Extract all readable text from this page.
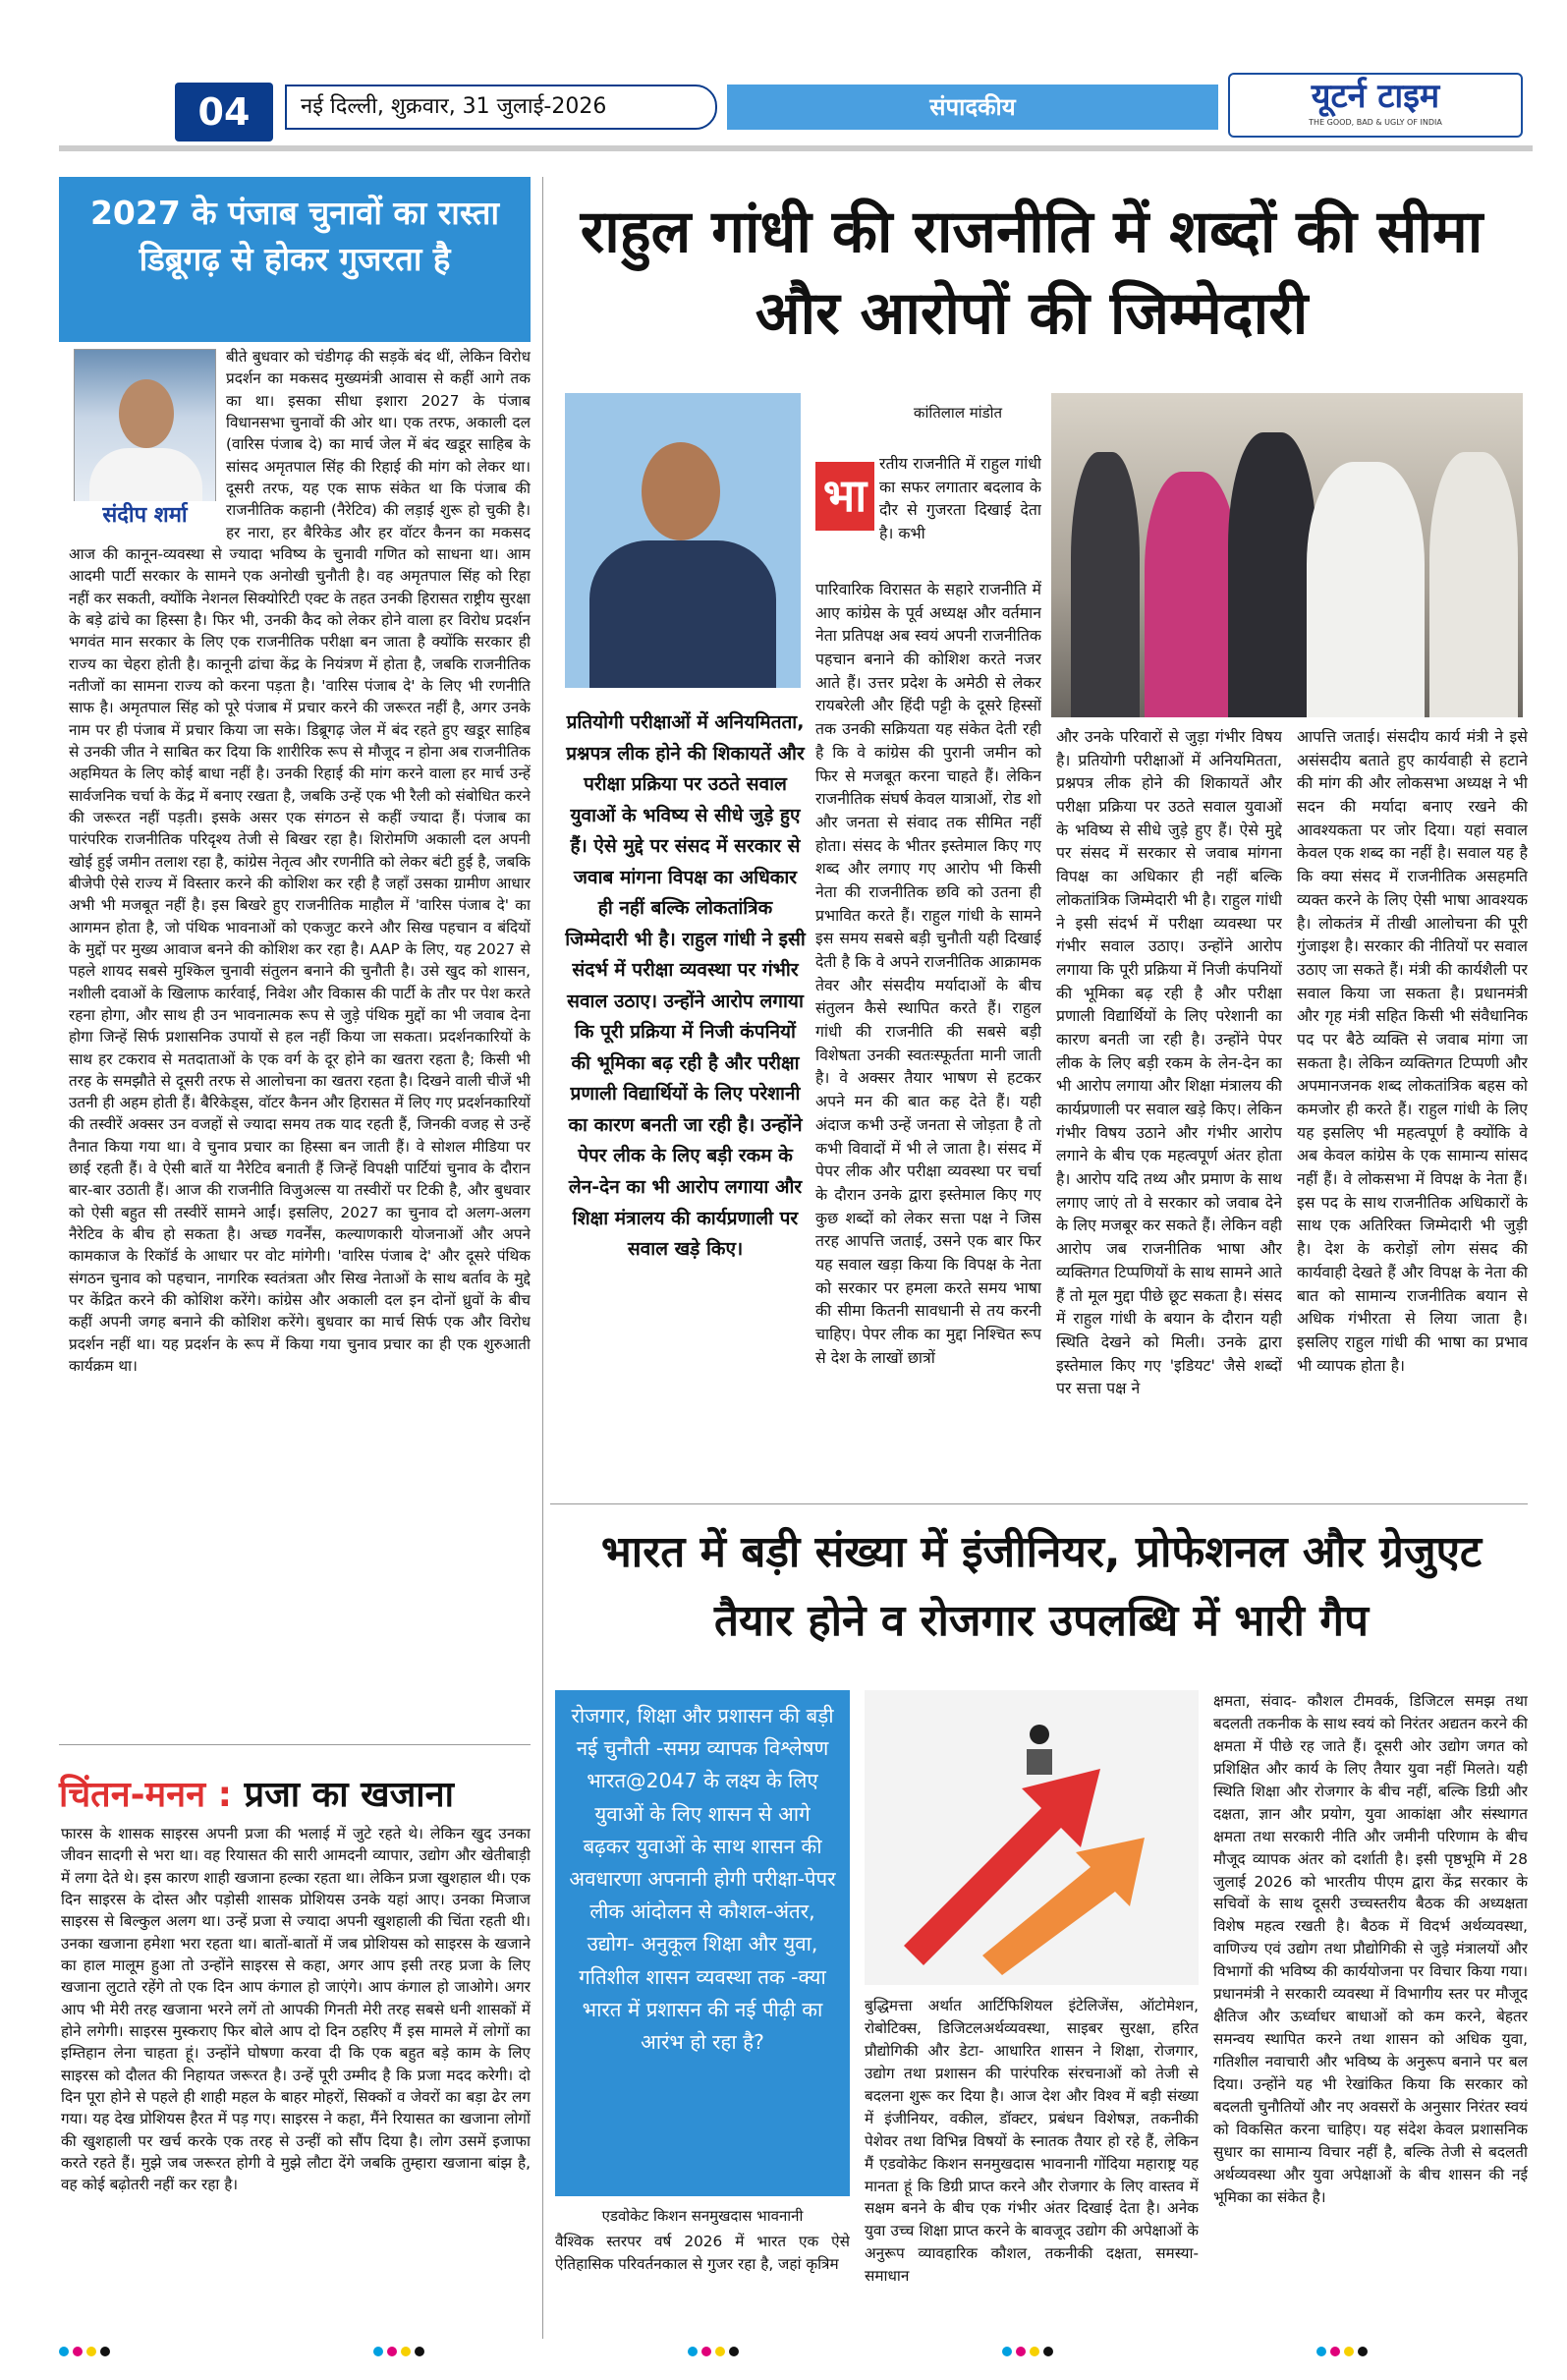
04	नई दिल्ली, शुक्रवार, 31 जुलाई-2026	संपादकीय	यूटर्न टाइम
THE GOOD, BAD & UGLY OF INDIA
2027 के पंजाब चुनावों का रास्ता डिब्रूगढ़ से होकर गुजरता है
संदीप शर्मा
बीते बुधवार को चंडीगढ़ की सड़कें बंद थीं, लेकिन विरोध प्रदर्शन का मकसद मुख्यमंत्री आवास से कहीं आगे तक का था। इसका सीधा इशारा 2027 के पंजाब विधानसभा चुनावों की ओर था। एक तरफ, अकाली दल (वारिस पंजाब दे) का मार्च जेल में बंद खडूर साहिब के सांसद अमृतपाल सिंह की रिहाई की मांग को लेकर था। दूसरी तरफ, यह एक साफ संकेत था कि पंजाब की राजनीतिक कहानी (नैरेटिव) की लड़ाई शुरू हो चुकी है। हर नारा, हर बैरिकेड और हर वॉटर कैनन का मकसद आज की कानून-व्यवस्था से ज्यादा भविष्य के चुनावी गणित को साधना था। आम आदमी पार्टी सरकार के सामने एक अनोखी चुनौती है। वह अमृतपाल सिंह को रिहा नहीं कर सकती, क्योंकि नेशनल सिक्योरिटी एक्ट के तहत उनकी हिरासत राष्ट्रीय सुरक्षा के बड़े ढांचे का हिस्सा है। फिर भी, उनकी कैद को लेकर होने वाला हर विरोध प्रदर्शन भगवंत मान सरकार के लिए एक राजनीतिक परीक्षा बन जाता है क्योंकि सरकार ही राज्य का चेहरा होती है। कानूनी ढांचा केंद्र के नियंत्रण में होता है, जबकि राजनीतिक नतीजों का सामना राज्य को करना पड़ता है। 'वारिस पंजाब दे' के लिए भी रणनीति साफ है। अमृतपाल सिंह को पूरे पंजाब में प्रचार करने की जरूरत नहीं है, अगर उनके नाम पर ही पंजाब में प्रचार किया जा सके। डिब्रूगढ़ जेल में बंद रहते हुए खडूर साहिब से उनकी जीत ने साबित कर दिया कि शारीरिक रूप से मौजूद न होना अब राजनीतिक अहमियत के लिए कोई बाधा नहीं है। उनकी रिहाई की मांग करने वाला हर मार्च उन्हें सार्वजनिक चर्चा के केंद्र में बनाए रखता है, जबकि उन्हें एक भी रैली को संबोधित करने की जरूरत नहीं पड़ती। इसके असर एक संगठन से कहीं ज्यादा हैं। पंजाब का पारंपरिक राजनीतिक परिदृश्य तेजी से बिखर रहा है। शिरोमणि अकाली दल अपनी खोई हुई जमीन तलाश रहा है, कांग्रेस नेतृत्व और रणनीति को लेकर बंटी हुई है, जबकि बीजेपी ऐसे राज्य में विस्तार करने की कोशिश कर रही है जहाँ उसका ग्रामीण आधार अभी भी मजबूत नहीं है। इस बिखरे हुए राजनीतिक माहौल में 'वारिस पंजाब दे' का आगमन होता है, जो पंथिक भावनाओं को एकजुट करने और सिख पहचान व बंदियों के मुद्दों पर मुख्य आवाज बनने की कोशिश कर रहा है। AAP के लिए, यह 2027 से पहले शायद सबसे मुश्किल चुनावी संतुलन बनाने की चुनौती है। उसे खुद को शासन, नशीली दवाओं के खिलाफ कार्रवाई, निवेश और विकास की पार्टी के तौर पर पेश करते रहना होगा, और साथ ही उन भावनात्मक रूप से जुड़े पंथिक मुद्दों का भी जवाब देना होगा जिन्हें सिर्फ प्रशासनिक उपायों से हल नहीं किया जा सकता। प्रदर्शनकारियों के साथ हर टकराव से मतदाताओं के एक वर्ग के दूर होने का खतरा रहता है; किसी भी तरह के समझौते से दूसरी तरफ से आलोचना का खतरा रहता है। दिखने वाली चीजें भी उतनी ही अहम होती हैं। बैरिकेड्स, वॉटर कैनन और हिरासत में लिए गए प्रदर्शनकारियों की तस्वीरें अक्सर उन वजहों से ज्यादा समय तक याद रहती हैं, जिनकी वजह से उन्हें तैनात किया गया था। वे चुनाव प्रचार का हिस्सा बन जाती हैं। वे सोशल मीडिया पर छाई रहती हैं। वे ऐसी बातें या नैरेटिव बनाती हैं जिन्हें विपक्षी पार्टियां चुनाव के दौरान बार-बार उठाती हैं। आज की राजनीति विजुअल्स या तस्वीरों पर टिकी है, और बुधवार को ऐसी बहुत सी तस्वीरें सामने आईं। इसलिए, 2027 का चुनाव दो अलग-अलग नैरेटिव के बीच हो सकता है। अच्छ गवर्नेंस, कल्याणकारी योजनाओं और अपने कामकाज के रिकॉर्ड के आधार पर वोट मांगेगी। 'वारिस पंजाब दे' और दूसरे पंथिक संगठन चुनाव को पहचान, नागरिक स्वतंत्रता और सिख नेताओं के साथ बर्ताव के मुद्दे पर केंद्रित करने की कोशिश करेंगे। कांग्रेस और अकाली दल इन दोनों ध्रुवों के बीच कहीं अपनी जगह बनाने की कोशिश करेंगे। बुधवार का मार्च सिर्फ एक और विरोध प्रदर्शन नहीं था। यह प्रदर्शन के रूप में किया गया चुनाव प्रचार का ही एक शुरुआती कार्यक्रम था।
चिंतन-मनन : प्रजा का खजाना
फारस के शासक साइरस अपनी प्रजा की भलाई में जुटे रहते थे। लेकिन खुद उनका जीवन सादगी से भरा था। वह रियासत की सारी आमदनी व्यापार, उद्योग और खेतीबाड़ी में लगा देते थे। इस कारण शाही खजाना हल्का रहता था। लेकिन प्रजा खुशहाल थी। एक दिन साइरस के दोस्त और पड़ोसी शासक प्रोशियस उनके यहां आए। उनका मिजाज साइरस से बिल्कुल अलग था। उन्हें प्रजा से ज्यादा अपनी खुशहाली की चिंता रहती थी। उनका खजाना हमेशा भरा रहता था। बातों-बातों में जब प्रोशियस को साइरस के खजाने का हाल मालूम हुआ तो उन्होंने साइरस से कहा, अगर आप इसी तरह प्रजा के लिए खजाना लुटाते रहेंगे तो एक दिन आप कंगाल हो जाएंगे। आप कंगाल हो जाओगे। अगर आप भी मेरी तरह खजाना भरने लगें तो आपकी गिनती मेरी तरह सबसे धनी शासकों में होने लगेगी। साइरस मुस्कराए फिर बोले आप दो दिन ठहरिए मैं इस मामले में लोगों का इम्तिहान लेना चाहता हूं। उन्होंने घोषणा करवा दी कि एक बहुत बड़े काम के लिए साइरस को दौलत की निहायत जरूरत है। उन्हें पूरी उम्मीद है कि प्रजा मदद करेगी। दो दिन पूरा होने से पहले ही शाही महल के बाहर मोहरों, सिक्कों व जेवरों का बड़ा ढेर लग गया। यह देख प्रोशियस हैरत में पड़ गए। साइरस ने कहा, मैंने रियासत का खजाना लोगों की खुशहाली पर खर्च करके एक तरह से उन्हीं को सौंप दिया है। लोग उसमें इजाफा करते रहते हैं। मुझे जब जरूरत होगी वे मुझे लौटा देंगे जबकि तुम्हारा खजाना बांझ है, वह कोई बढ़ोतरी नहीं कर रहा है।
राहुल गांधी की राजनीति में शब्दों की सीमा और आरोपों की जिम्मेदारी
प्रतियोगी परीक्षाओं में अनियमितता, प्रश्नपत्र लीक होने की शिकायतें और परीक्षा प्रक्रिया पर उठते सवाल युवाओं के भविष्य से सीधे जुड़े हुए हैं। ऐसे मुद्दे पर संसद में सरकार से जवाब मांगना विपक्ष का अधिकार ही नहीं बल्कि लोकतांत्रिक जिम्मेदारी भी है। राहुल गांधी ने इसी संदर्भ में परीक्षा व्यवस्था पर गंभीर सवाल उठाए। उन्होंने आरोप लगाया कि पूरी प्रक्रिया में निजी कंपनियों की भूमिका बढ़ रही है और परीक्षा प्रणाली विद्यार्थियों के लिए परेशानी का कारण बनती जा रही है। उन्होंने पेपर लीक के लिए बड़ी रकम के लेन-देन का भी आरोप लगाया और शिक्षा मंत्रालय की कार्यप्रणाली पर सवाल खड़े किए।
कांतिलाल मांडोत
भा
रतीय राजनीति में राहुल गांधी का सफर लगातार बदलाव के दौर से गुजरता दिखाई देता है। कभी
पारिवारिक विरासत के सहारे राजनीति में आए कांग्रेस के पूर्व अध्यक्ष और वर्तमान नेता प्रतिपक्ष अब स्वयं अपनी राजनीतिक पहचान बनाने की कोशिश करते नजर आते हैं। उत्तर प्रदेश के अमेठी से लेकर रायबरेली और हिंदी पट्टी के दूसरे हिस्सों तक उनकी सक्रियता यह संकेत देती रही है कि वे कांग्रेस की पुरानी जमीन को फिर से मजबूत करना चाहते हैं। लेकिन राजनीतिक संघर्ष केवल यात्राओं, रोड शो और जनता से संवाद तक सीमित नहीं होता। संसद के भीतर इस्तेमाल किए गए शब्द और लगाए गए आरोप भी किसी नेता की राजनीतिक छवि को उतना ही प्रभावित करते हैं। राहुल गांधी के सामने इस समय सबसे बड़ी चुनौती यही दिखाई देती है कि वे अपने राजनीतिक आक्रामक तेवर और संसदीय मर्यादाओं के बीच संतुलन कैसे स्थापित करते हैं। राहुल गांधी की राजनीति की सबसे बड़ी विशेषता उनकी स्वतःस्फूर्तता मानी जाती है। वे अक्सर तैयार भाषण से हटकर अपने मन की बात कह देते हैं। यही अंदाज कभी उन्हें जनता से जोड़ता है तो कभी विवादों में भी ले जाता है। संसद में पेपर लीक और परीक्षा व्यवस्था पर चर्चा के दौरान उनके द्वारा इस्तेमाल किए गए कुछ शब्दों को लेकर सत्ता पक्ष ने जिस तरह आपत्ति जताई, उसने एक बार फिर यह सवाल खड़ा किया कि विपक्ष के नेता को सरकार पर हमला करते समय भाषा की सीमा कितनी सावधानी से तय करनी चाहिए। पेपर लीक का मुद्दा निश्चित रूप से देश के लाखों छात्रों
और उनके परिवारों से जुड़ा गंभीर विषय है। प्रतियोगी परीक्षाओं में अनियमितता, प्रश्नपत्र लीक होने की शिकायतें और परीक्षा प्रक्रिया पर उठते सवाल युवाओं के भविष्य से सीधे जुड़े हुए हैं। ऐसे मुद्दे पर संसद में सरकार से जवाब मांगना विपक्ष का अधिकार ही नहीं बल्कि लोकतांत्रिक जिम्मेदारी भी है। राहुल गांधी ने इसी संदर्भ में परीक्षा व्यवस्था पर गंभीर सवाल उठाए। उन्होंने आरोप लगाया कि पूरी प्रक्रिया में निजी कंपनियों की भूमिका बढ़ रही है और परीक्षा प्रणाली विद्यार्थियों के लिए परेशानी का कारण बनती जा रही है। उन्होंने पेपर लीक के लिए बड़ी रकम के लेन-देन का भी आरोप लगाया और शिक्षा मंत्रालय की कार्यप्रणाली पर सवाल खड़े किए। लेकिन गंभीर विषय उठाने और गंभीर आरोप लगाने के बीच एक महत्वपूर्ण अंतर होता है। आरोप यदि तथ्य और प्रमाण के साथ लगाए जाएं तो वे सरकार को जवाब देने के लिए मजबूर कर सकते हैं। लेकिन वही आरोप जब राजनीतिक भाषा और व्यक्तिगत टिप्पणियों के साथ सामने आते हैं तो मूल मुद्दा पीछे छूट सकता है। संसद में राहुल गांधी के बयान के दौरान यही स्थिति देखने को मिली। उनके द्वारा इस्तेमाल किए गए 'इडियट' जैसे शब्दों पर सत्ता पक्ष ने
आपत्ति जताई। संसदीय कार्य मंत्री ने इसे असंसदीय बताते हुए कार्यवाही से हटाने की मांग की और लोकसभा अध्यक्ष ने भी सदन की मर्यादा बनाए रखने की आवश्यकता पर जोर दिया। यहां सवाल केवल एक शब्द का नहीं है। सवाल यह है कि क्या संसद में राजनीतिक असहमति व्यक्त करने के लिए ऐसी भाषा आवश्यक है। लोकतंत्र में तीखी आलोचना की पूरी गुंजाइश है। सरकार की नीतियों पर सवाल उठाए जा सकते हैं। मंत्री की कार्यशैली पर सवाल किया जा सकता है। प्रधानमंत्री और गृह मंत्री सहित किसी भी संवैधानिक पद पर बैठे व्यक्ति से जवाब मांगा जा सकता है। लेकिन व्यक्तिगत टिप्पणी और अपमानजनक शब्द लोकतांत्रिक बहस को कमजोर ही करते हैं। राहुल गांधी के लिए यह इसलिए भी महत्वपूर्ण है क्योंकि वे अब केवल कांग्रेस के एक सामान्य सांसद नहीं हैं। वे लोकसभा में विपक्ष के नेता हैं। इस पद के साथ राजनीतिक अधिकारों के साथ एक अतिरिक्त जिम्मेदारी भी जुड़ी है। देश के करोड़ों लोग संसद की कार्यवाही देखते हैं और विपक्ष के नेता की बात को सामान्य राजनीतिक बयान से अधिक गंभीरता से लिया जाता है। इसलिए राहुल गांधी की भाषा का प्रभाव भी व्यापक होता है।
भारत में बड़ी संख्या में इंजीनियर, प्रोफेशनल और ग्रेजुएट तैयार होने व रोजगार उपलब्धि में भारी गैप
रोजगार, शिक्षा और प्रशासन की बड़ी नई चुनौती -समग्र व्यापक विश्लेषण भारत@2047 के लक्ष्य के लिए युवाओं के लिए शासन से आगे बढ़कर युवाओं के साथ शासन की अवधारणा अपनानी होगी परीक्षा-पेपर लीक आंदोलन से कौशल-अंतर, उद्योग- अनुकूल शिक्षा और युवा, गतिशील शासन व्यवस्था तक -क्या भारत में प्रशासन की नई पीढ़ी का आरंभ हो रहा है?
एडवोकेट किशन सनमुखदास भावनानी
वैश्विक स्तरपर वर्ष 2026 में भारत एक ऐसे ऐतिहासिक परिवर्तनकाल से गुजर रहा है, जहां कृत्रिम
बुद्धिमत्ता अर्थात आर्टिफिशियल इंटेलिजेंस, ऑटोमेशन, रोबोटिक्स, डिजिटलअर्थव्यवस्था, साइबर सुरक्षा, हरित प्रौद्योगिकी और डेटा- आधारित शासन ने शिक्षा, रोजगार, उद्योग तथा प्रशासन की पारंपरिक संरचनाओं को तेजी से बदलना शुरू कर दिया है। आज देश और विश्व में बड़ी संख्या में इंजीनियर, वकील, डॉक्टर, प्रबंधन विशेषज्ञ, तकनीकी पेशेवर तथा विभिन्न विषयों के स्नातक तैयार हो रहे हैं, लेकिन मैं एडवोकेट किशन सनमुखदास भावनानी गोंदिया महाराष्ट्र यह मानता हूं कि डिग्री प्राप्त करने और रोजगार के लिए वास्तव में सक्षम बनने के बीच एक गंभीर अंतर दिखाई देता है। अनेक युवा उच्च शिक्षा प्राप्त करने के बावजूद उद्योग की अपेक्षाओं के अनुरूप व्यावहारिक कौशल, तकनीकी दक्षता, समस्या- समाधान
क्षमता, संवाद- कौशल टीमवर्क, डिजिटल समझ तथा बदलती तकनीक के साथ स्वयं को निरंतर अद्यतन करने की क्षमता में पीछे रह जाते हैं। दूसरी ओर उद्योग जगत को प्रशिक्षित और कार्य के लिए तैयार युवा नहीं मिलते। यही स्थिति शिक्षा और रोजगार के बीच नहीं, बल्कि डिग्री और दक्षता, ज्ञान और प्रयोग, युवा आकांक्षा और संस्थागत क्षमता तथा सरकारी नीति और जमीनी परिणाम के बीच मौजूद व्यापक अंतर को दर्शाती है। इसी पृष्ठभूमि में 28 जुलाई 2026 को भारतीय पीएम द्वारा केंद्र सरकार के सचिवों के साथ दूसरी उच्चस्तरीय बैठक की अध्यक्षता विशेष महत्व रखती है। बैठक में विदर्भ अर्थव्यवस्था, वाणिज्य एवं उद्योग तथा प्रौद्योगिकी से जुड़े मंत्रालयों और विभागों की भविष्य की कार्ययोजना पर विचार किया गया। प्रधानमंत्री ने सरकारी व्यवस्था में विभागीय स्तर पर मौजूद क्षैतिज और ऊर्ध्वाधर बाधाओं को कम करने, बेहतर समन्वय स्थापित करने तथा शासन को अधिक युवा, गतिशील नवाचारी और भविष्य के अनुरूप बनाने पर बल दिया। उन्होंने यह भी रेखांकित किया कि सरकार को बदलती चुनौतियों और नए अवसरों के अनुसार निरंतर स्वयं को विकसित करना चाहिए। यह संदेश केवल प्रशासनिक सुधार का सामान्य विचार नहीं है, बल्कि तेजी से बदलती अर्थव्यवस्था और युवा अपेक्षाओं के बीच शासन की नई भूमिका का संकेत है।
